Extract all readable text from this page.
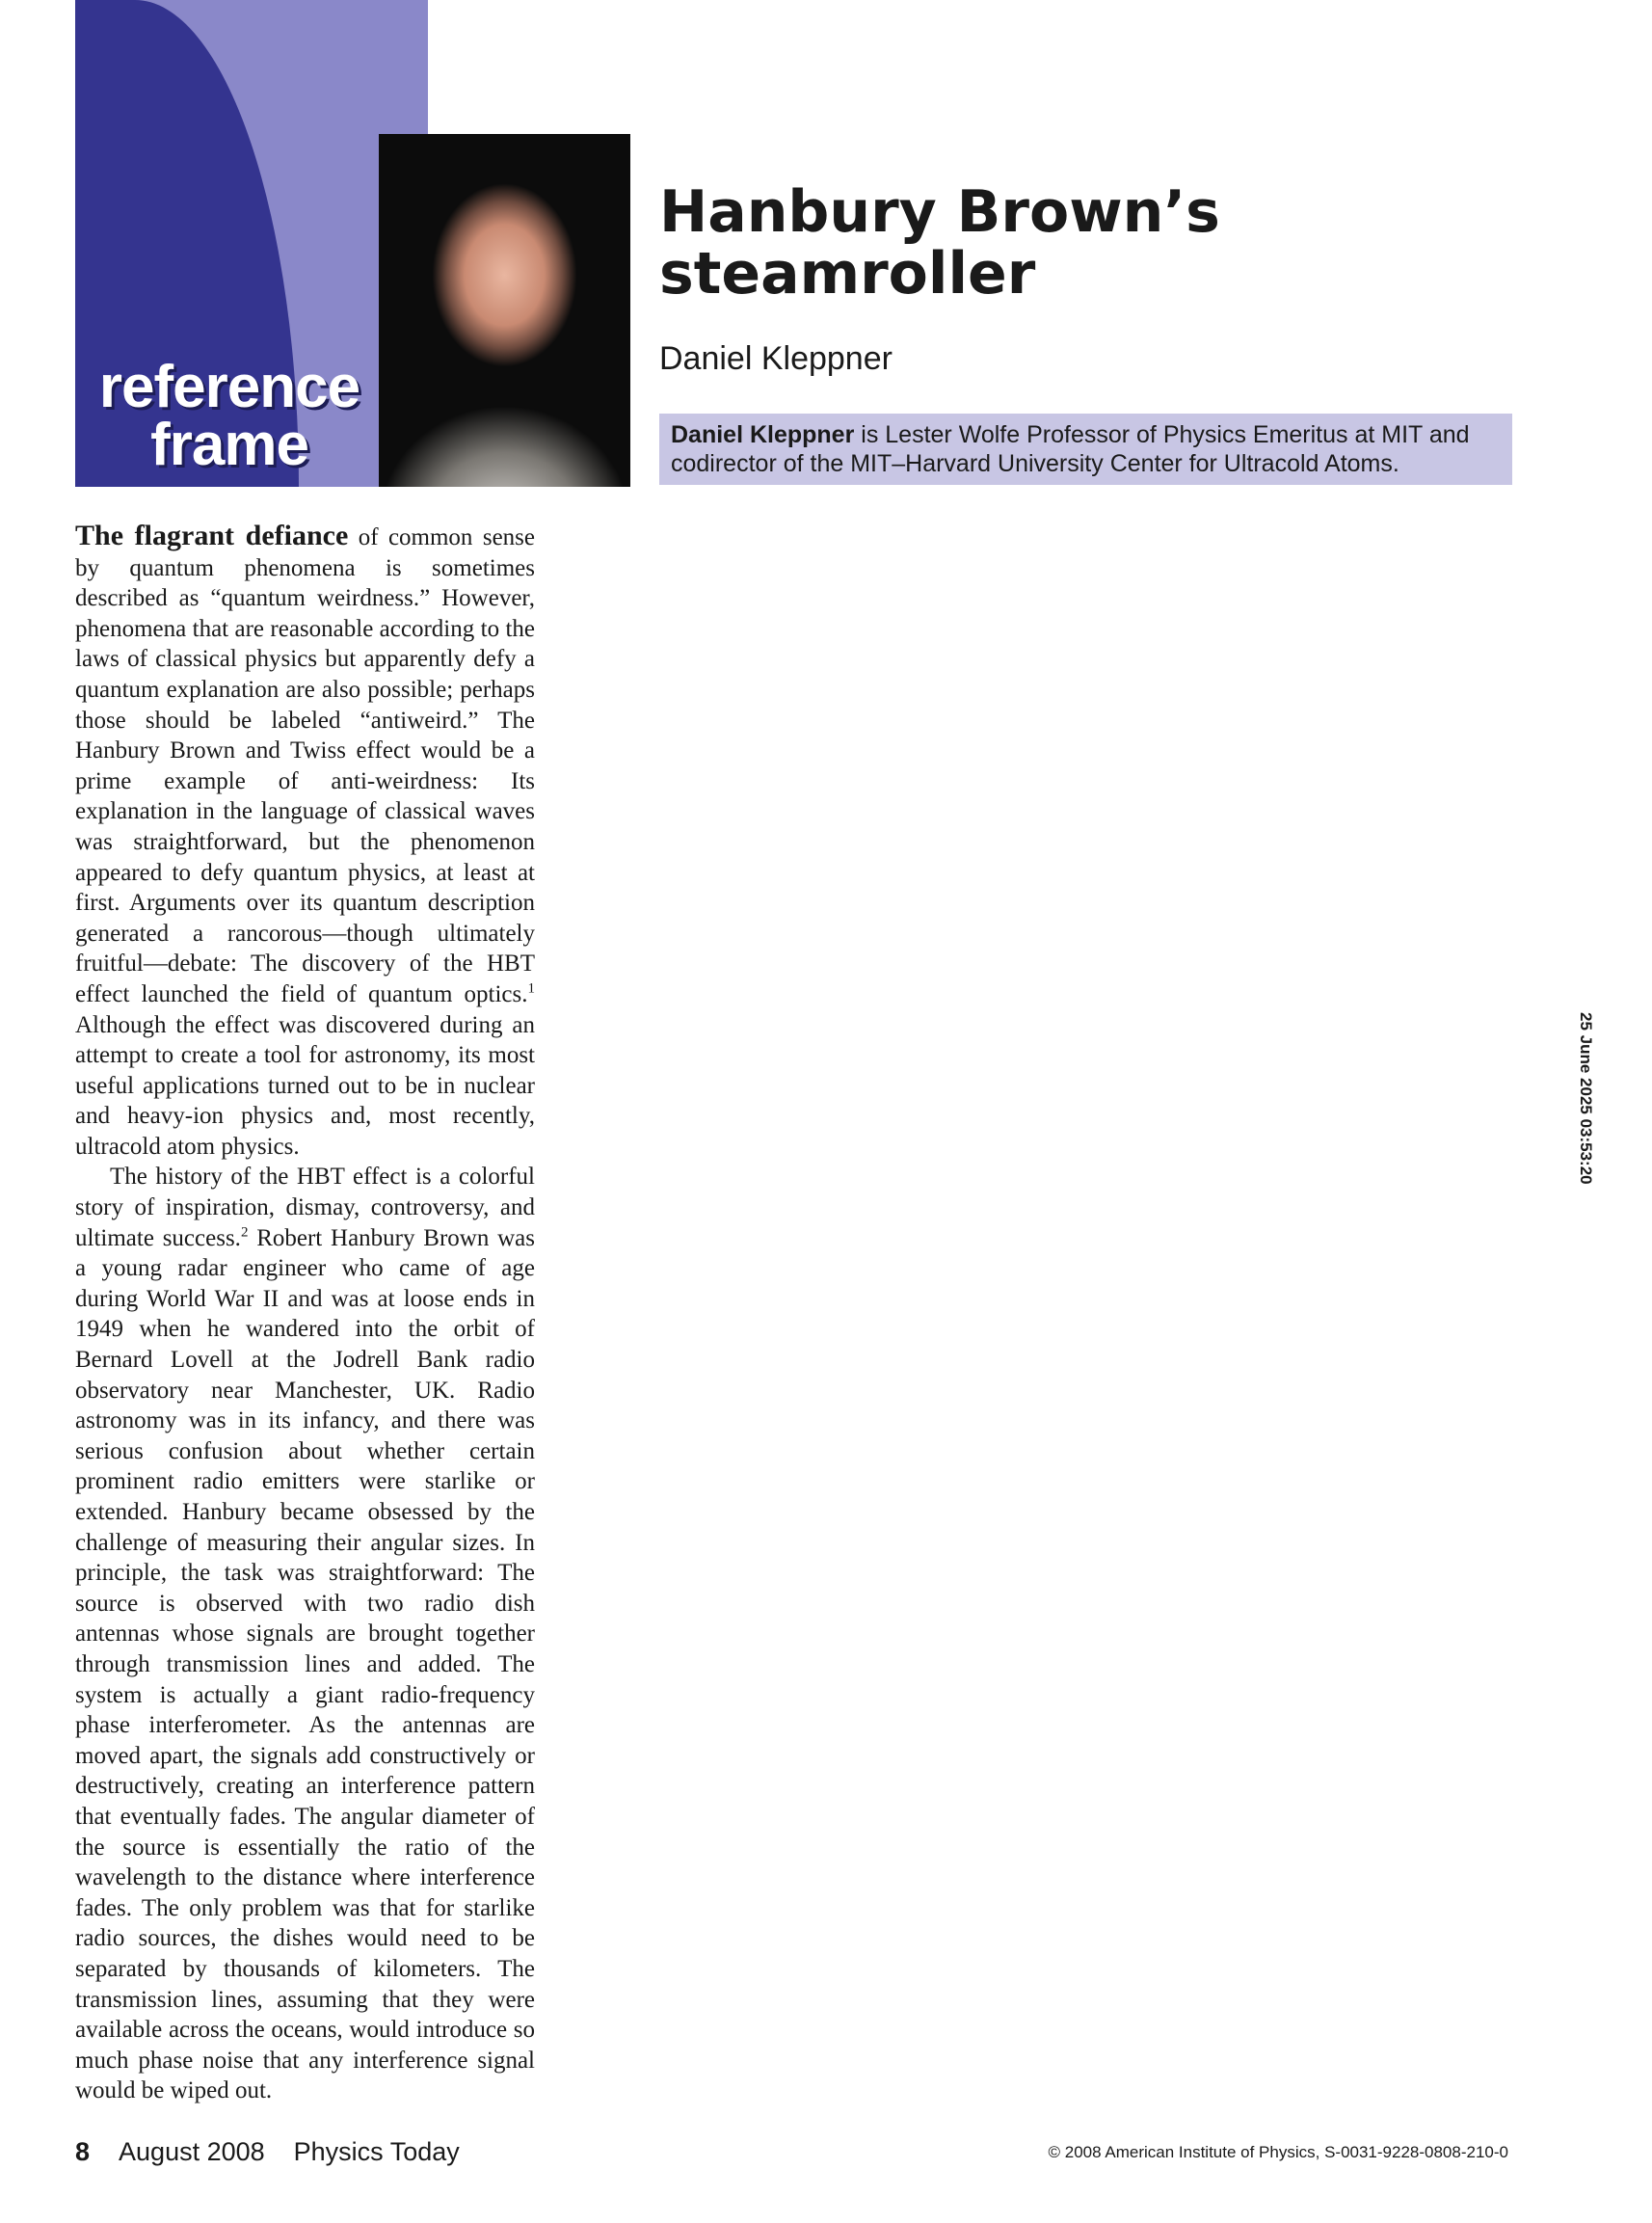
reference
frame
Hanbury Brown’s
steamroller
Daniel Kleppner
Daniel Kleppner is Lester Wolfe Professor of Physics Emeritus at MIT and codirector of the MIT–Harvard University Center for Ultracold Atoms.

The flagrant defiance of common sense by quantum phenomena is sometimes described as “quantum weirdness.” However, phenomena that are reasonable according to the laws of classical physics but apparently defy a quantum explanation are also possible; perhaps those should be labeled “antiweird.” The Hanbury Brown and Twiss effect would be a prime example of anti-weirdness: Its explanation in the language of classical waves was straightforward, but the phenomenon appeared to defy quantum physics, at least at first. Arguments over its quantum description generated a rancorous—though ultimately fruitful—debate: The discovery of the HBT effect launched the field of quantum optics.$^1$ Although the effect was discovered during an attempt to create a tool for astronomy, its most useful applications turned out to be in nuclear and heavy-ion physics and, most recently, ultracold atom physics.

The history of the HBT effect is a colorful story of inspiration, dismay, controversy, and ultimate success.$^2$ Robert Hanbury Brown was a young radar engineer who came of age during World War II and was at loose ends in 1949 when he wandered into the orbit of Bernard Lovell at the Jodrell Bank radio observatory near Manchester, UK. Radio astronomy was in its infancy, and there was serious confusion about whether certain prominent radio emitters were starlike or extended. Hanbury became obsessed by the challenge of measuring their angular sizes. In principle, the task was straightforward: The source is observed with two radio dish antennas whose signals are brought together through transmission lines and added. The system is actually a giant radio-frequency phase interferometer. As the antennas are moved apart, the signals add constructively or destructively, creating an interference pattern that eventually fades. The angular diameter of the source is essentially the ratio of the wavelength to the distance where interference fades. The only problem was that for starlike radio sources, the dishes would need to be separated by thousands of kilometers. The transmission lines, assuming that they were available across the oceans, would introduce so much phase noise that any interference signal would be wiped out.

8 August 2008 Physics Today	© 2008 American Institute of Physics, S-0031-9228-0808-210-0
25 June 2025 03:53:20
